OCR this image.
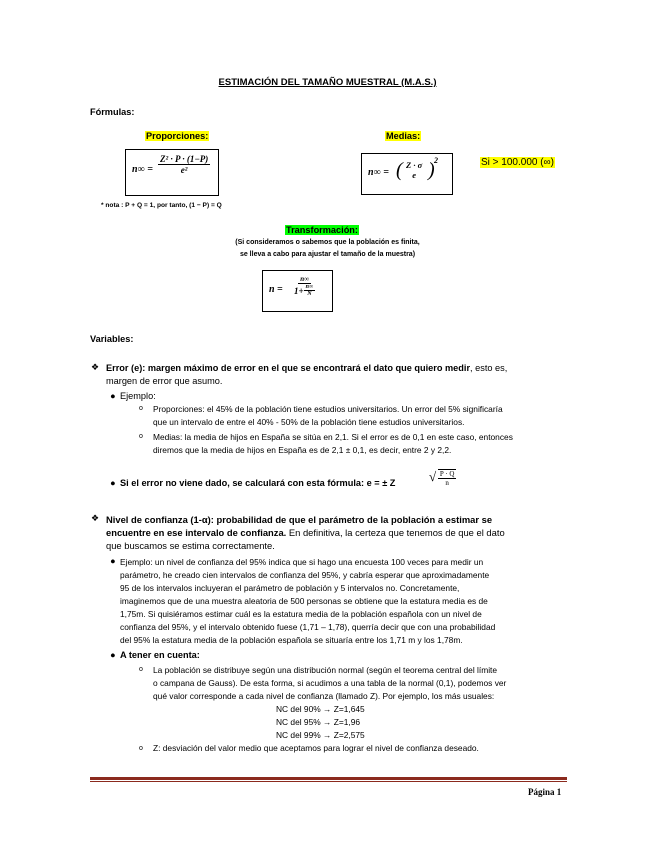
ESTIMACIÓN DEL TAMAÑO MUESTRAL (M.A.S.)
Fórmulas:
Proporciones:
$n\infty = \frac{\text{Z² · P · (1−P)}}{\text{e²}}$
* nota : P + Q = 1, por tanto, (1 − P) = Q
Medias:
n∞ = ( Z · σ
e ) 2	Si > 100.000 (∞)
Transformación:
(Si consideramos o sabemos que la población es finita,
se lleva a cabo para ajustar el tamaño de la muestra)
$n = \frac{n\infty}{1+ \frac{n\infty}{N}}$
Variables:
❖ Error (e): margen máximo de error en el que se encontrará el dato que quiero medir, esto es,
margen de error que asumo.
● Ejemplo:
o Proporciones: el 45% de la población tiene estudios universitarios. Un error del 5% significaría
que un intervalo de entre el 40% - 50% de la población tiene estudios universitarios.
o Medias: la media de hijos en España se sitúa en 2,1. Si el error es de 0,1 en este caso, entonces
diremos que la media de hijos en España es de 2,1 ± 0,1, es decir, entre 2 y 2,2.
● Si el error no viene dado, se calculará con esta fórmula: e = ± Z	√ $\frac{P \cdot Q}{n}$
❖ Nivel de confianza (1-α): probabilidad de que el parámetro de la población a estimar se
encuentre en ese intervalo de confianza. En definitiva, la certeza que tenemos de que el dato
que buscamos se estima correctamente.
● Ejemplo: un nivel de confianza del 95% indica que si hago una encuesta 100 veces para medir un
parámetro, he creado cien intervalos de confianza del 95%, y cabría esperar que aproximadamente
95 de los intervalos incluyeran el parámetro de población y 5 intervalos no. Concretamente,
imaginemos que de una muestra aleatoria de 500 personas se obtiene que la estatura media es de
1,75m. Si quisiéramos estimar cuál es la estatura media de la población española con un nivel de
confianza del 95%, y el intervalo obtenido fuese (1,71 – 1,78), querría decir que con una probabilidad
del 95% la estatura media de la población española se situaría entre los 1,71 m y los 1,78m.
● A tener en cuenta:
o La población se distribuye según una distribución normal (según el teorema central del límite
o campana de Gauss). De esta forma, si acudimos a una tabla de la normal (0,1), podemos ver
qué valor corresponde a cada nivel de confianza (llamado Z). Por ejemplo, los más usuales:
NC del 90% → Z=1,645
NC del 95% → Z=1,96
NC del 99% → Z=2,575
o Z: desviación del valor medio que aceptamos para lograr el nivel de confianza deseado.
Página 1
